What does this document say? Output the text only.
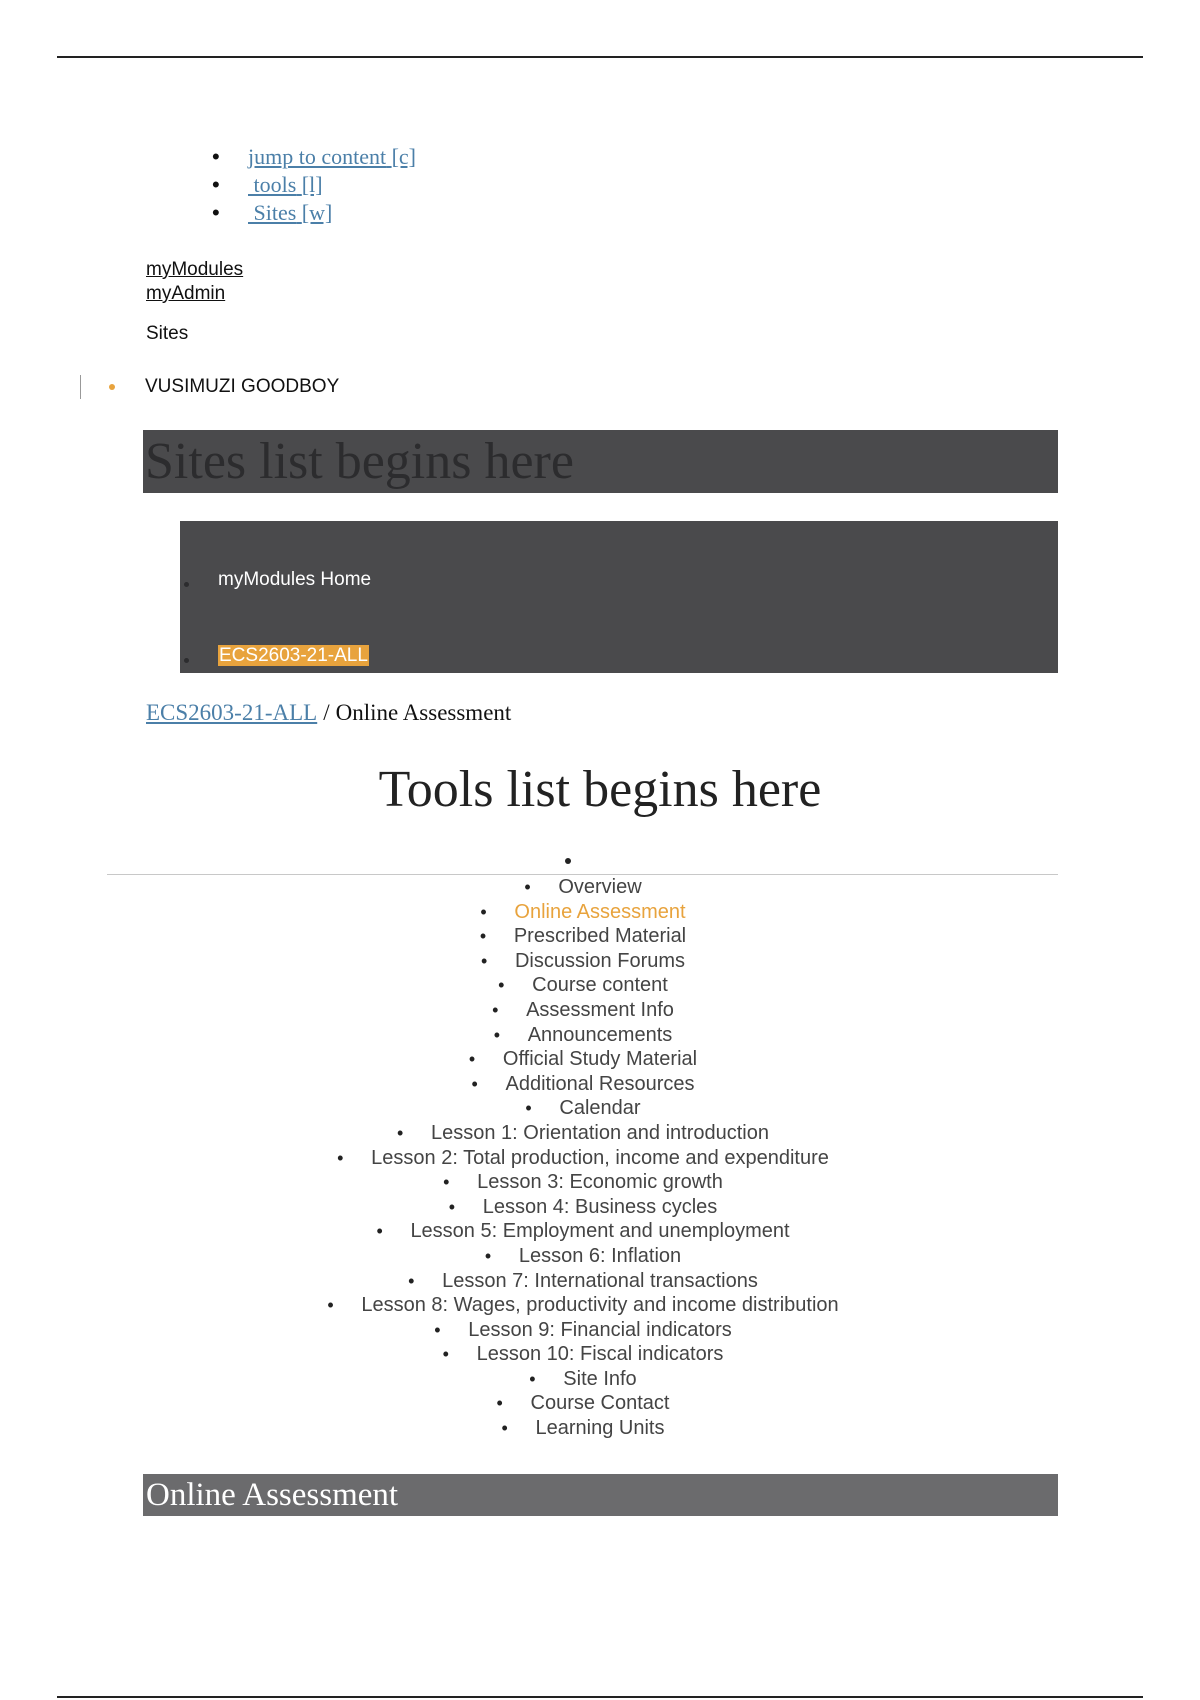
• jump to content [c]
•  tools [l]
•  Sites [w]
myModules
myAdmin
Sites
VUSIMUZI GOODBOY
Sites list begins here
myModules Home
ECS2603-21-ALL
ECS2603-21-ALL / Online Assessment
Tools list begins here
• Overview
• Online Assessment
• Prescribed Material
• Discussion Forums
• Course content
• Assessment Info
• Announcements
• Official Study Material
• Additional Resources
• Calendar
• Lesson 1: Orientation and introduction
• Lesson 2: Total production, income and expenditure
• Lesson 3: Economic growth
• Lesson 4: Business cycles
• Lesson 5: Employment and unemployment
• Lesson 6: Inflation
• Lesson 7: International transactions
• Lesson 8: Wages, productivity and income distribution
• Lesson 9: Financial indicators
• Lesson 10: Fiscal indicators
• Site Info
• Course Contact
• Learning Units
Online Assessment
